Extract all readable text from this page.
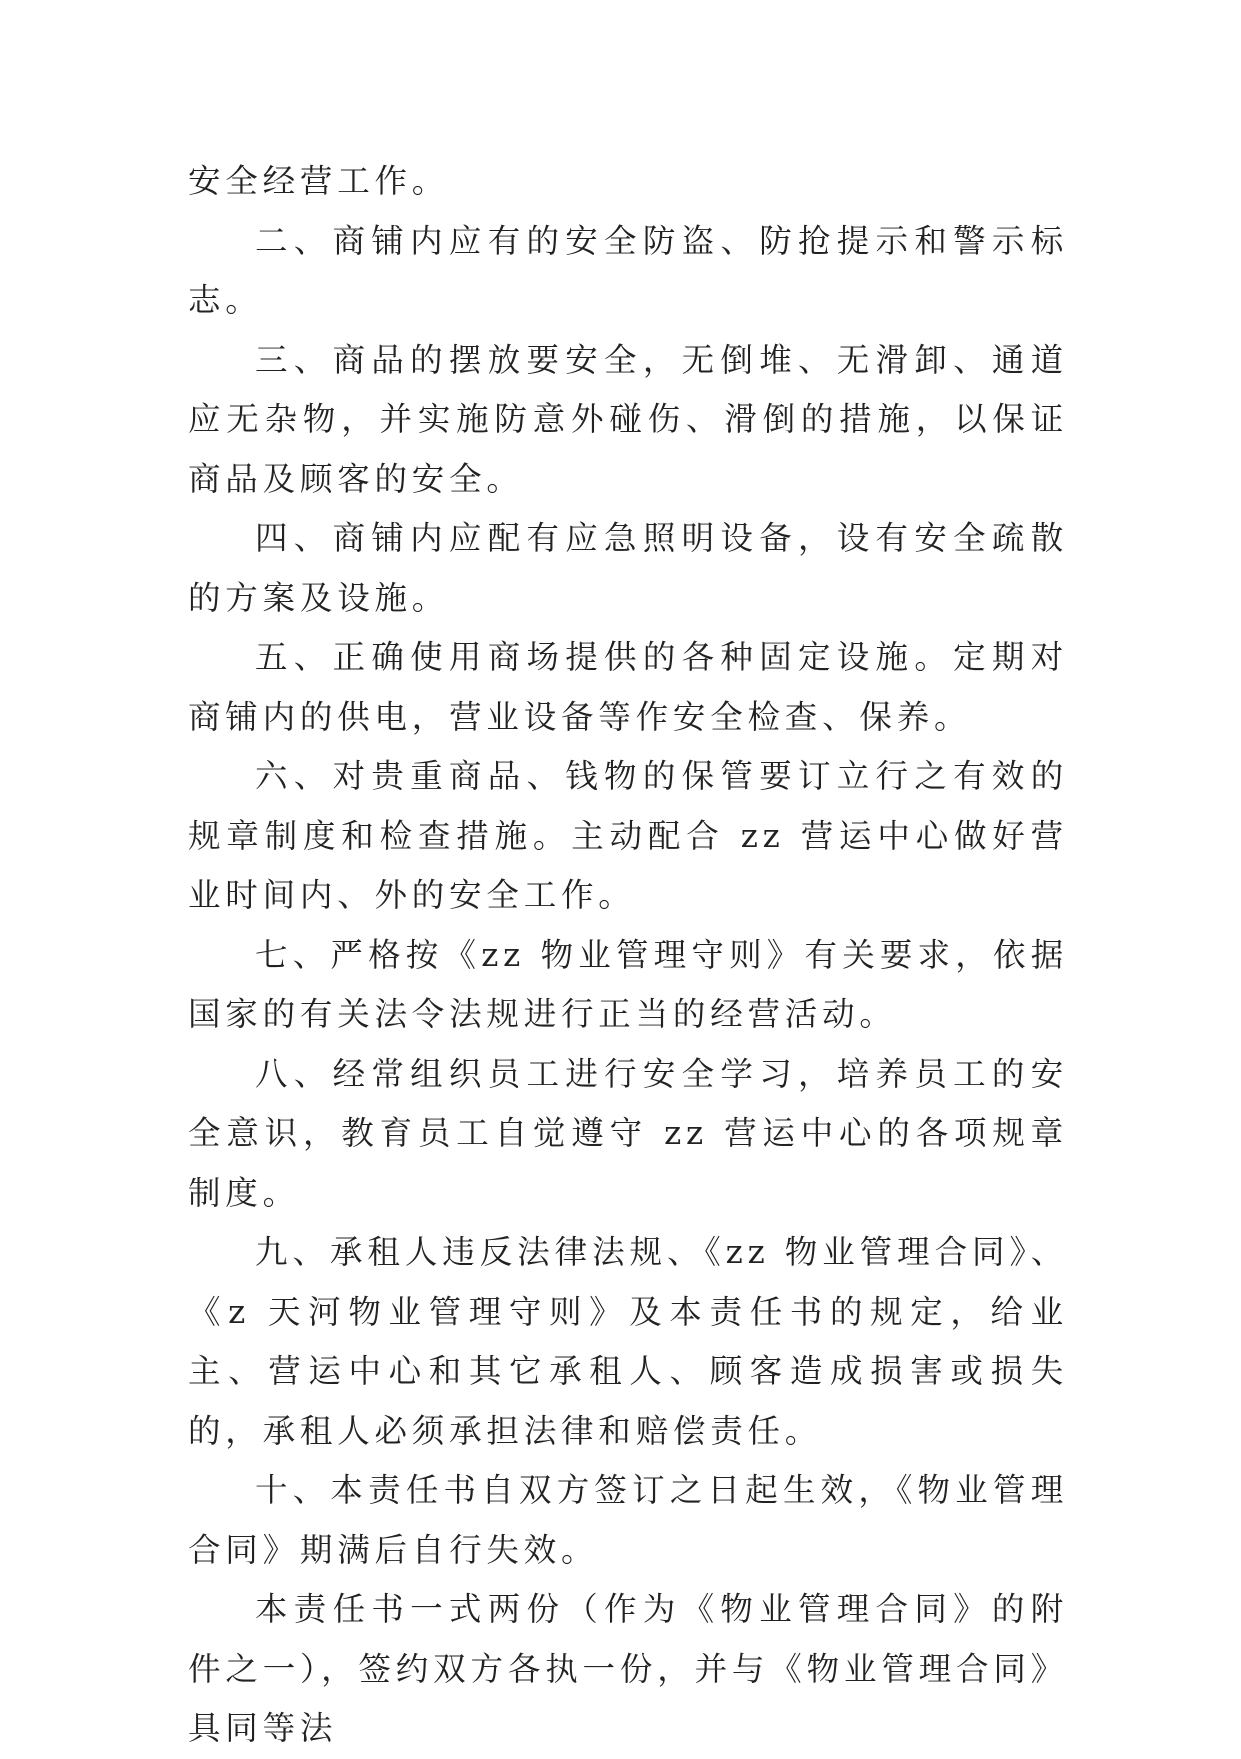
安全经营工作。

二、商铺内应有的安全防盗、防抢提示和警示标志。

三、商品的摆放要安全，无倒堆、无滑卸、通道应无杂物，并实施防意外碰伤、滑倒的措施，以保证商品及顾客的安全。

四、商铺内应配有应急照明设备，设有安全疏散的方案及设施。

五、正确使用商场提供的各种固定设施。定期对商铺内的供电，营业设备等作安全检查、保养。

六、对贵重商品、钱物的保管要订立行之有效的规章制度和检查措施。主动配合 zz 营运中心做好营业时间内、外的安全工作。

七、严格按《zz 物业管理守则》有关要求，依据国家的有关法令法规进行正当的经营活动。

八、经常组织员工进行安全学习，培养员工的安全意识，教育员工自觉遵守 zz 营运中心的各项规章制度。

九、承租人违反法律法规、《zz 物业管理合同》、《z 天河物业管理守则》及本责任书的规定，给业主、营运中心和其它承租人、顾客造成损害或损失的，承租人必须承担法律和赔偿责任。

十、本责任书自双方签订之日起生效，《物业管理合同》期满后自行失效。

本责任书一式两份（作为《物业管理合同》的附件之一），签约双方各执一份，并与《物业管理合同》具同等法
